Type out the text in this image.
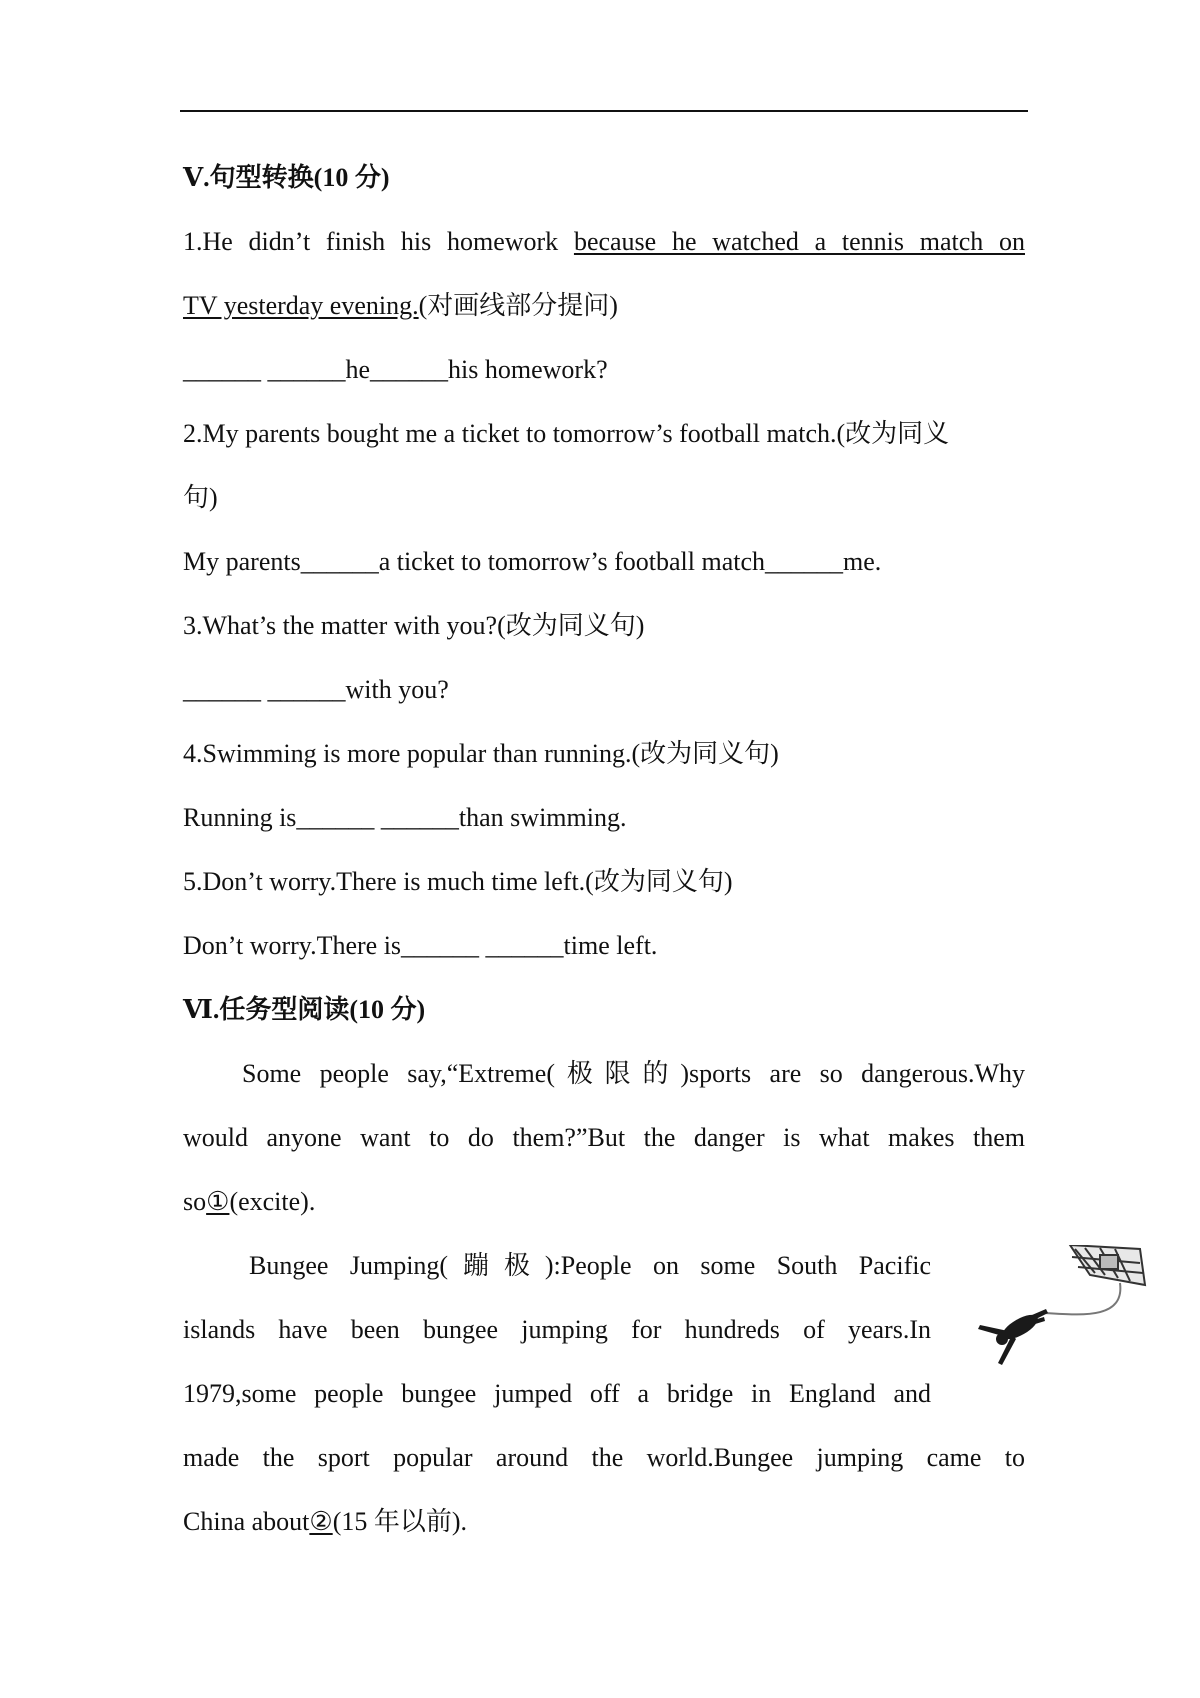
Ⅴ.句型转换(10 分)
1.He didn’t finish his homework because he watched a tennis match on
TV yesterday evening.(对画线部分提问)
______ ______he______his homework?
2.My parents bought me a ticket to tomorrow’s football match.(改为同义
句)
My parents______a ticket to tomorrow’s football match______me.
3.What’s the matter with you?(改为同义句)
______ ______with you?
4.Swimming is more popular than running.(改为同义句)
Running is______ ______than swimming.
5.Don’t worry.There is much time left.(改为同义句)
Don’t worry.There is______ ______time left.
Ⅵ.任务型阅读(10 分)
Some people say,“Extreme(极限的)sports are so dangerous.Why
would anyone want to do them?”But the danger is what makes them
so①(excite).
Bungee Jumping(蹦极):People on some South Pacific
islands have been bungee jumping for hundreds of years.In
1979,some people bungee jumped off a bridge in England and
made the sport popular around the world.Bungee jumping came to
China about②(15 年以前).
